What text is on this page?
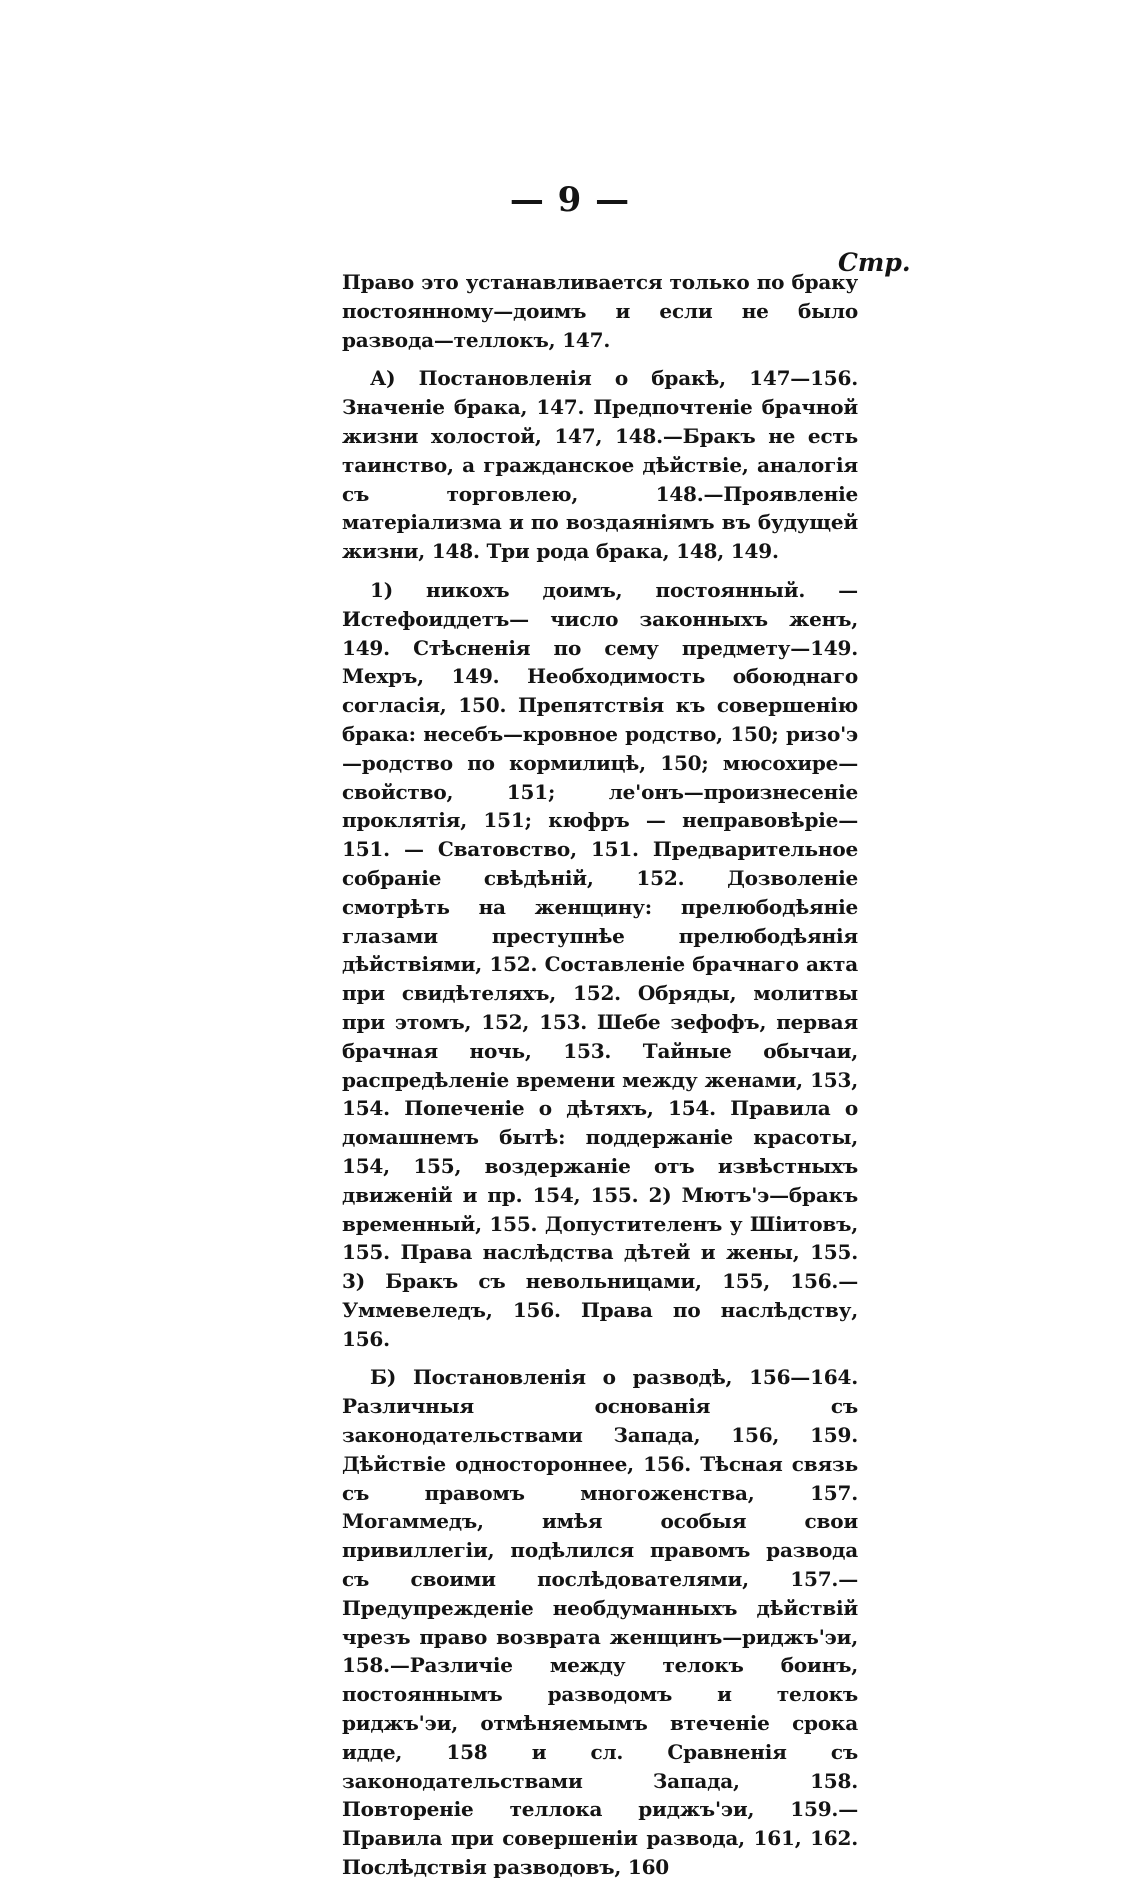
— 9 —
Стр.

Право это устанавливается только по браку постоянному—доимъ и если не было развода—теллокъ, 147.

А) Постановленія о бракѣ, 147—156. Значеніе брака, 147. Предпочтеніе брачной жизни холостой, 147, 148.—Бракъ не есть таинство, а гражданское дѣйствіе, аналогія съ торговлею, 148.—Проявленіе матеріализма и по воздаяніямъ въ будущей жизни, 148. Три рода брака, 148, 149.

1) никохъ доимъ, постоянный. — Истефоиддетъ— число законныхъ женъ, 149. Стѣсненія по сему предмету—149. Мехръ, 149. Необходимость обоюднаго согласія, 150. Препятствія къ совершенію брака: несебъ—кровное родство, 150; ризо'э—родство по кормилицѣ, 150; мюсохире—свойство, 151; ле'онъ—произнесеніе проклятія, 151; кюфръ — неправовѣріе— 151. — Сватовство, 151. Предварительное собраніе свѣдѣній, 152. Дозволеніе смотрѣть на женщину: прелюбодѣяніе глазами преступнѣе прелюбодѣянія дѣйствіями, 152. Составленіе брачнаго акта при свидѣтеляхъ, 152. Обряды, молитвы при этомъ, 152, 153. Шебе зефофъ, первая брачная ночь, 153. Тайные обычаи, распредѣленіе времени между женами, 153, 154. Попеченіе о дѣтяхъ, 154. Правила о домашнемъ бытѣ: поддержаніе красоты, 154, 155, воздержаніе отъ извѣстныхъ движеній и пр. 154, 155. 2) Мютъ'э—бракъ временный, 155. Допустителенъ у Шіитовъ, 155. Права наслѣдства дѣтей и жены, 155. 3) Бракъ съ невольницами, 155, 156.—Уммевеледъ, 156. Права по наслѣдству, 156.

Б) Постановленія о разводѣ, 156—164. Различныя основанія съ законодательствами Запада, 156, 159. Дѣйствіе одностороннее, 156. Тѣсная связь съ правомъ многоженства, 157. Могаммедъ, имѣя особыя свои привиллегіи, подѣлился правомъ развода съ своими послѣдователями, 157.—Предупрежденіе необдуманныхъ дѣйствій чрезъ право возврата женщинъ—риджъ'эи, 158.—Различіе между телокъ боинъ, постояннымъ разводомъ и телокъ риджъ'эи, отмѣняемымъ втеченіе срока идде, 158 и сл. Сравненія съ законодательствами Запада, 158. Повтореніе теллока риджъ'эи, 159.—Правила при совершеніи развода, 161, 162. Послѣдствія разводовъ, 160
